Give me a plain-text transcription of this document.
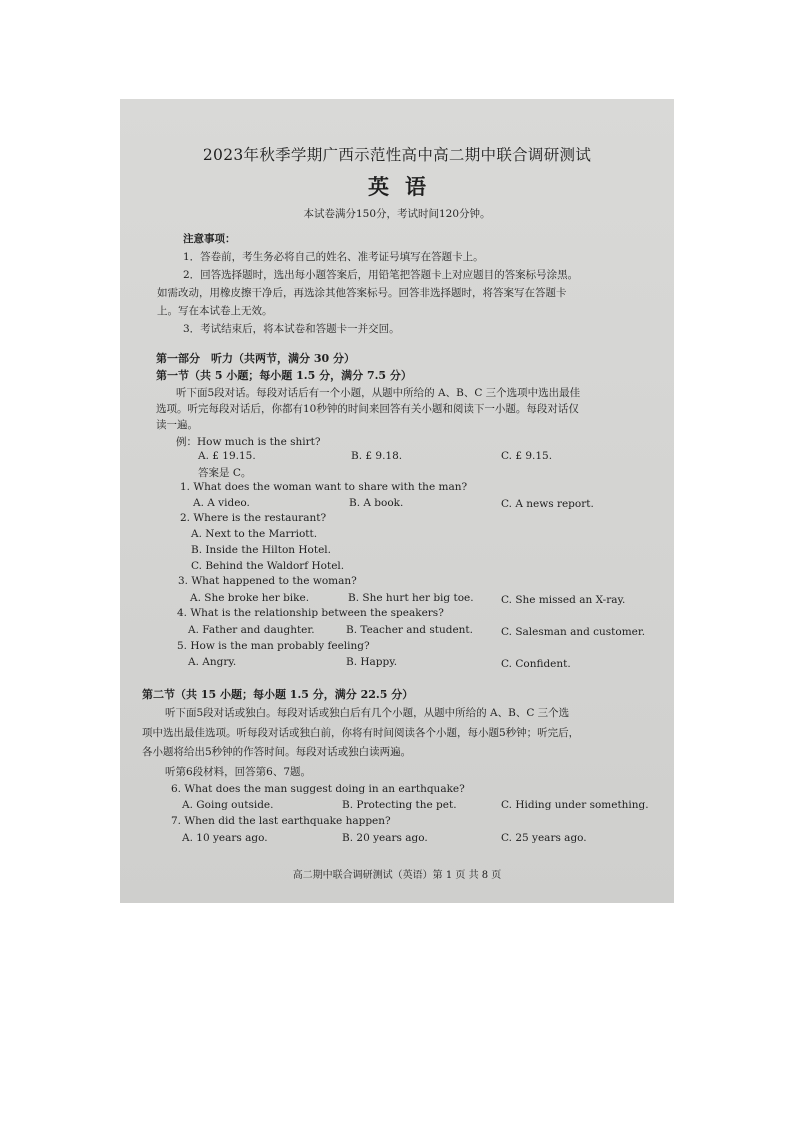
2023年秋季学期广西示范性高中高二期中联合调研测试
英语
本试卷满分150分，考试时间120分钟。
注意事项：
1．答卷前，考生务必将自己的姓名、准考证号填写在答题卡上。
2．回答选择题时，选出每小题答案后，用铅笔把答题卡上对应题目的答案标号涂黑。
如需改动，用橡皮擦干净后，再选涂其他答案标号。回答非选择题时，将答案写在答题卡
上。写在本试卷上无效。
3．考试结束后，将本试卷和答题卡一并交回。
第一部分　听力（共两节，满分 30 分）
第一节（共 5 小题；每小题 1.5 分，满分 7.5 分）
听下面5段对话。每段对话后有一个小题，从题中所给的 A、B、C 三个选项中选出最佳
选项。听完每段对话后，你都有10秒钟的时间来回答有关小题和阅读下一小题。每段对话仅
读一遍。
例：How much is the shirt?
A. £ 19.15.	B. £ 9.18.	C. £ 9.15.
答案是 C。
1. What does the woman want to share with the man?
A. A video.	B. A book.	C. A news report.
2. Where is the restaurant?
A. Next to the Marriott.
B. Inside the Hilton Hotel.
C. Behind the Waldorf Hotel.
3. What happened to the woman?
A. She broke her bike.	B. She hurt her big toe.	C. She missed an X-ray.
4. What is the relationship between the speakers?
A. Father and daughter.	B. Teacher and student.	C. Salesman and customer.
5. How is the man probably feeling?
A. Angry.	B. Happy.	C. Confident.
第二节（共 15 小题；每小题 1.5 分，满分 22.5 分）
听下面5段对话或独白。每段对话或独白后有几个小题，从题中所给的 A、B、C 三个选
项中选出最佳选项。听每段对话或独白前，你将有时间阅读各个小题，每小题5秒钟；听完后，
各小题将给出5秒钟的作答时间。每段对话或独白读两遍。
听第6段材料，回答第6、7题。
6. What does the man suggest doing in an earthquake?
A. Going outside.	B. Protecting the pet.	C. Hiding under something.
7. When did the last earthquake happen?
A. 10 years ago.	B. 20 years ago.	C. 25 years ago.
高二期中联合调研测试（英语）第 1 页 共 8 页
